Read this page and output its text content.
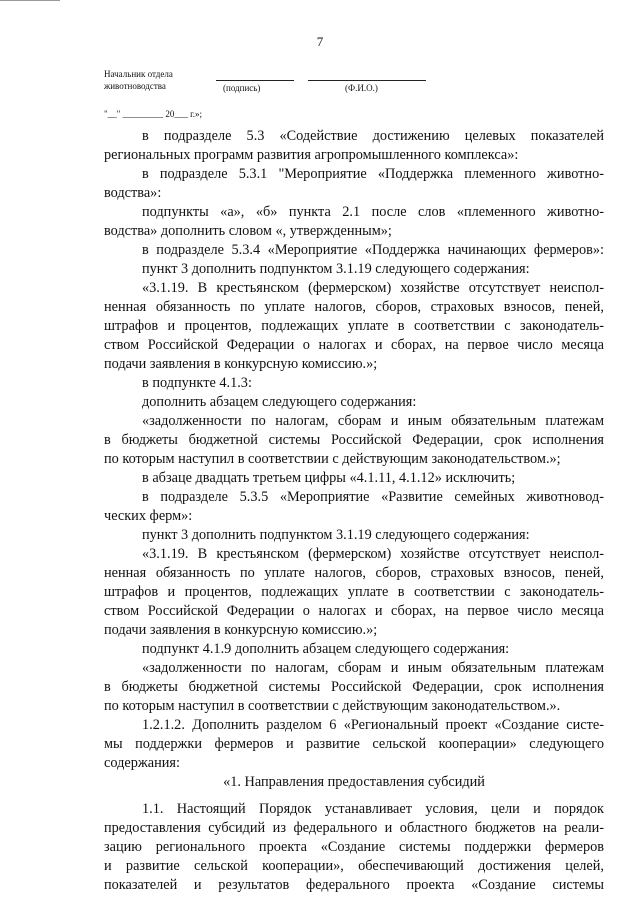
7
Начальник отдела
животноводства	(подпись)	(Ф.И.О.)
"__" _________ 20___ г.»;
в подразделе 5.3 «Содействие достижению целевых показателей
региональных программ развития агропромышленного комплекса»:
в подразделе 5.3.1 "Мероприятие «Поддержка племенного животно-
водства»:
подпункты «а», «б» пункта 2.1 после слов «племенного животно-
водства» дополнить словом «, утвержденным»;
в подразделе 5.3.4 «Мероприятие «Поддержка начинающих фермеров»:
пункт 3 дополнить подпунктом 3.1.19 следующего содержания:
«3.1.19. В крестьянском (фермерском) хозяйстве отсутствует неиспол-
ненная обязанность по уплате налогов, сборов, страховых взносов, пеней,
штрафов и процентов, подлежащих уплате в соответствии с законодатель-
ством Российской Федерации о налогах и сборах, на первое число месяца
подачи заявления в конкурсную комиссию.»;
в подпункте 4.1.3:
дополнить абзацем следующего содержания:
«задолженности по налогам, сборам и иным обязательным платежам
в бюджеты бюджетной системы Российской Федерации, срок исполнения
по которым наступил в соответствии с действующим законодательством.»;
в абзаце двадцать третьем цифры «4.1.11, 4.1.12» исключить;
в подразделе 5.3.5 «Мероприятие «Развитие семейных животновод-
ческих ферм»:
пункт 3 дополнить подпунктом 3.1.19 следующего содержания:
«3.1.19. В крестьянском (фермерском) хозяйстве отсутствует неиспол-
ненная обязанность по уплате налогов, сборов, страховых взносов, пеней,
штрафов и процентов, подлежащих уплате в соответствии с законодатель-
ством Российской Федерации о налогах и сборах, на первое число месяца
подачи заявления в конкурсную комиссию.»;
подпункт 4.1.9 дополнить абзацем следующего содержания:
«задолженности по налогам, сборам и иным обязательным платежам
в бюджеты бюджетной системы Российской Федерации, срок исполнения
по которым наступил в соответствии с действующим законодательством.».
1.2.1.2. Дополнить разделом 6 «Региональный проект «Создание систе-
мы поддержки фермеров и развитие сельской кооперации» следующего
содержания:
«1. Направления предоставления субсидий
1.1. Настоящий Порядок устанавливает условия, цели и порядок
предоставления субсидий из федерального и областного бюджетов на реали-
зацию регионального проекта «Создание системы поддержки фермеров
и развитие сельской кооперации», обеспечивающий достижения целей,
показателей и результатов федерального проекта «Создание системы
